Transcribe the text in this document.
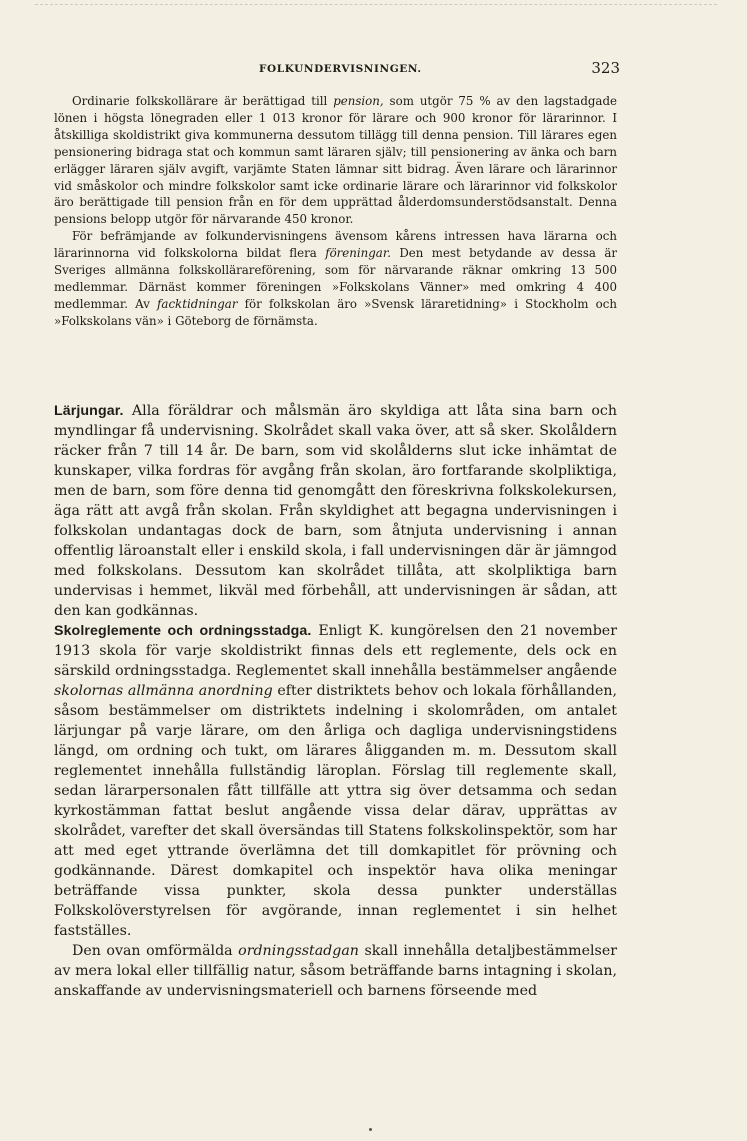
FOLKUNDERVISNINGEN.	323

Ordinarie folkskollärare är berättigad till pension, som utgör 75 % av den lagstadgade lönen i högsta lönegraden eller 1 013 kronor för lärare och 900 kronor för lärarinnor. I åtskilliga skoldistrikt giva kommunerna dessutom tillägg till denna pension. Till lärares egen pensionering bidraga stat och kommun samt läraren själv; till pensionering av änka och barn erlägger läraren själv avgift, varjämte Staten lämnar sitt bidrag. Även lärare och lärarinnor vid småskolor och mindre folkskolor samt icke ordinarie lärare och lärarinnor vid folkskolor äro berättigade till pension från en för dem upprättad ålderdomsunderstödsanstalt. Denna pensions belopp utgör för närvarande 450 kronor.

För befrämjande av folkundervisningens ävensom kårens intressen hava lärarna och lärarinnorna vid folkskolorna bildat flera föreningar. Den mest betydande av dessa är Sveriges allmänna folkskollärareförening, som för närvarande räknar omkring 13 500 medlemmar. Därnäst kommer föreningen »Folkskolans Vänner» med omkring 4 400 medlemmar. Av facktidningar för folkskolan äro »Svensk läraretidning» i Stockholm och »Folkskolans vän» i Göteborg de förnämsta.

Lärjungar. Alla föräldrar och målsmän äro skyldiga att låta sina barn och myndlingar få undervisning. Skolrådet skall vaka över, att så sker. Skolåldern räcker från 7 till 14 år. De barn, som vid skolålderns slut icke inhämtat de kunskaper, vilka fordras för avgång från skolan, äro fortfarande skolpliktiga, men de barn, som före denna tid genomgått den föreskrivna folkskolekursen, äga rätt att avgå från skolan. Från skyldighet att begagna undervisningen i folkskolan undantagas dock de barn, som åtnjuta undervisning i annan offentlig läroanstalt eller i enskild skola, i fall undervisningen där är jämngod med folkskolans. Dessutom kan skolrådet tillåta, att skolpliktiga barn undervisas i hemmet, likväl med förbehåll, att undervisningen är sådan, att den kan godkännas.

Skolreglemente och ordningsstadga. Enligt K. kungörelsen den 21 november 1913 skola för varje skoldistrikt finnas dels ett reglemente, dels ock en särskild ordningsstadga. Reglementet skall innehålla bestämmelser angående skolornas allmänna anordning efter distriktets behov och lokala förhållanden, såsom bestämmelser om distriktets indelning i skolområden, om antalet lärjungar på varje lärare, om den årliga och dagliga undervisningstidens längd, om ordning och tukt, om lärares åligganden m. m. Dessutom skall reglementet innehålla fullständig läroplan. Förslag till reglemente skall, sedan lärarpersonalen fått tillfälle att yttra sig över detsamma och sedan kyrkostämman fattat beslut angående vissa delar därav, upprättas av skolrådet, varefter det skall översändas till Statens folkskolinspektör, som har att med eget yttrande överlämna det till domkapitlet för prövning och godkännande. Därest domkapitel och inspektör hava olika meningar beträffande vissa punkter, skola dessa punkter underställas Folkskolöverstyrelsen för avgörande, innan reglementet i sin helhet fastställes.

Den ovan omförmälda ordningsstadgan skall innehålla detaljbestämmelser av mera lokal eller tillfällig natur, såsom beträffande barns intagning i skolan, anskaffande av undervisningsmateriell och barnens förseende med
